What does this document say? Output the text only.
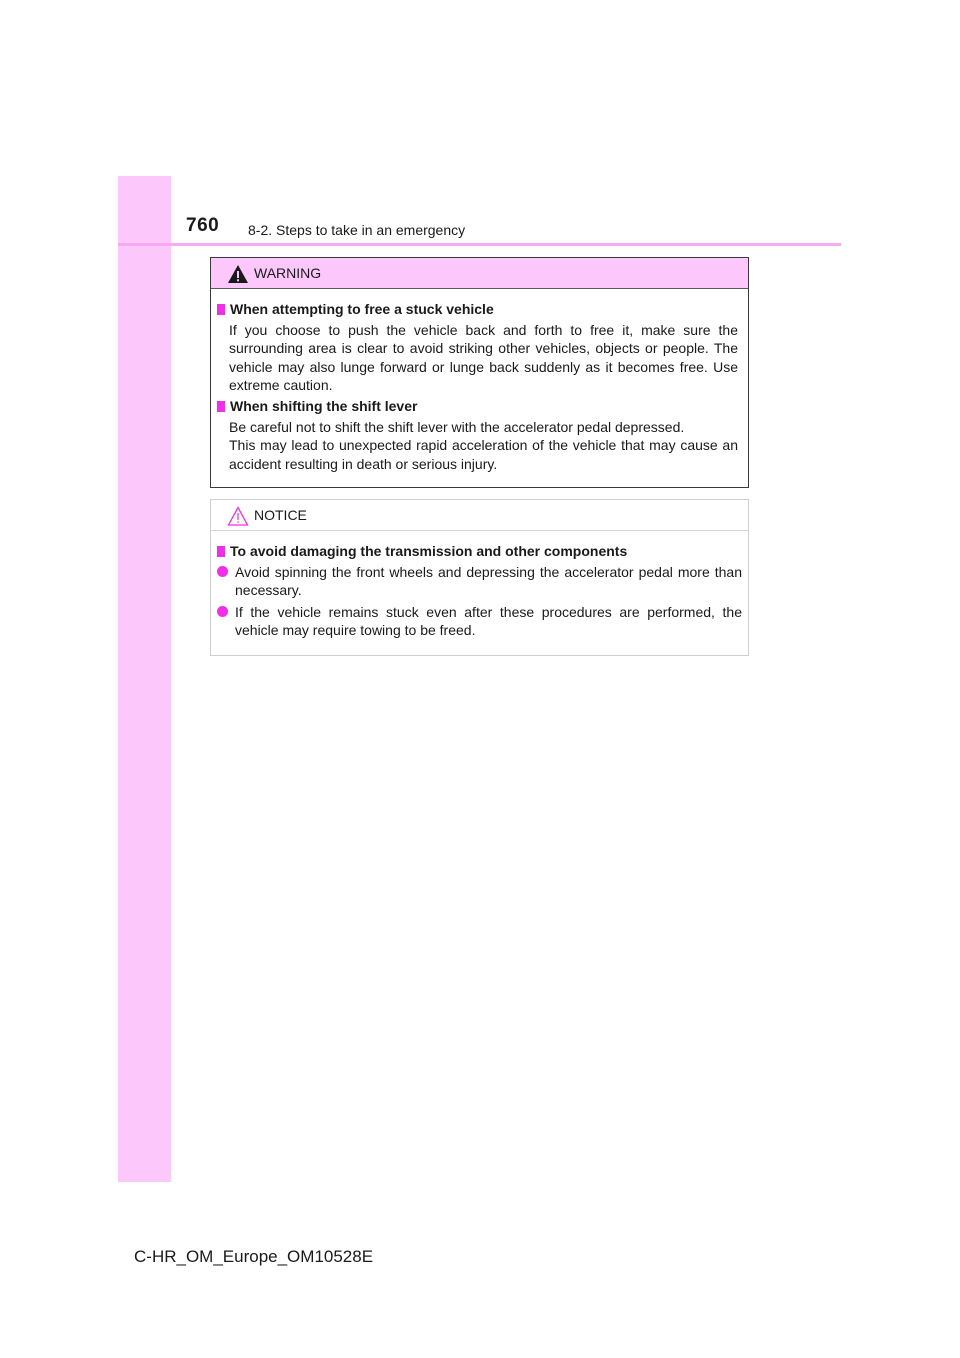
760 8-2. Steps to take in an emergency
WARNING
When attempting to free a stuck vehicle
If you choose to push the vehicle back and forth to free it, make sure the surrounding area is clear to avoid striking other vehicles, objects or people. The vehicle may also lunge forward or lunge back suddenly as it becomes free. Use extreme caution.
When shifting the shift lever
Be careful not to shift the shift lever with the accelerator pedal depressed.
This may lead to unexpected rapid acceleration of the vehicle that may cause an accident resulting in death or serious injury.
NOTICE
To avoid damaging the transmission and other components
Avoid spinning the front wheels and depressing the accelerator pedal more than necessary.
If the vehicle remains stuck even after these procedures are performed, the vehicle may require towing to be freed.
C-HR_OM_Europe_OM10528E
